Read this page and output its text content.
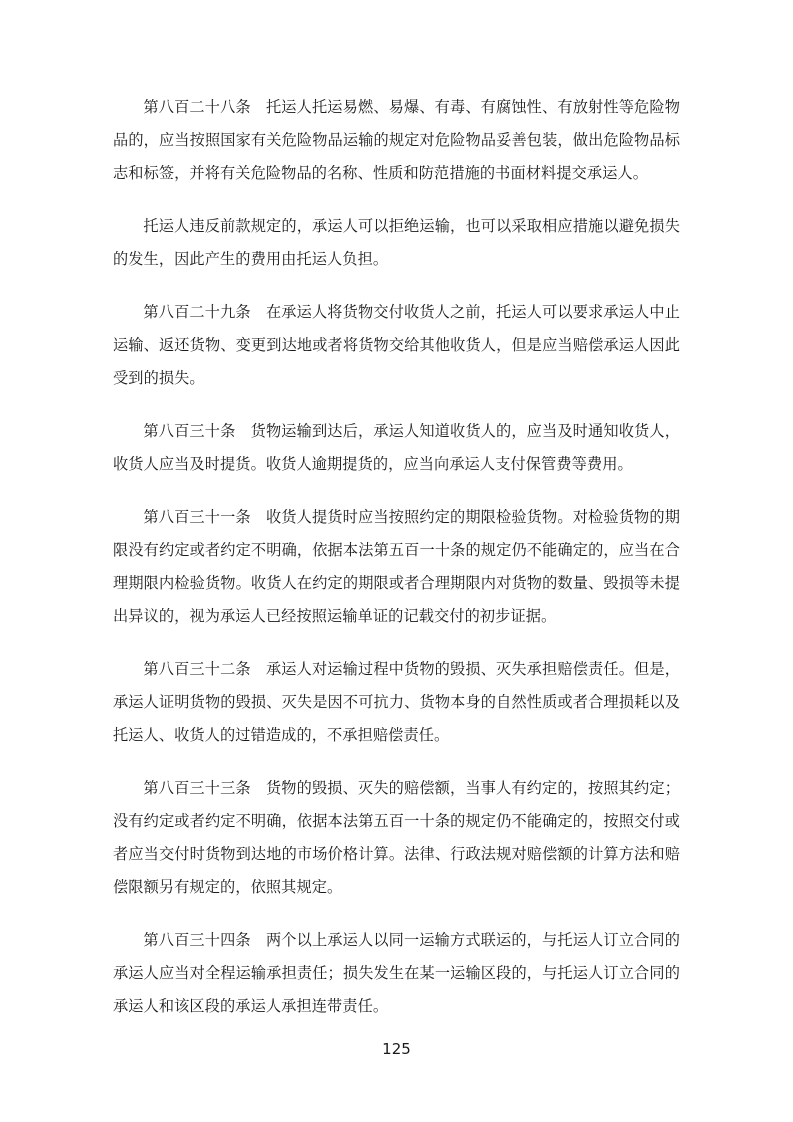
第八百二十八条 托运人托运易燃、易爆、有毒、有腐蚀性、有放射性等危险物品的，应当按照国家有关危险物品运输的规定对危险物品妥善包装，做出危险物品标志和标签，并将有关危险物品的名称、性质和防范措施的书面材料提交承运人。

托运人违反前款规定的，承运人可以拒绝运输，也可以采取相应措施以避免损失的发生，因此产生的费用由托运人负担。

第八百二十九条 在承运人将货物交付收货人之前，托运人可以要求承运人中止运输、返还货物、变更到达地或者将货物交给其他收货人，但是应当赔偿承运人因此受到的损失。

第八百三十条 货物运输到达后，承运人知道收货人的，应当及时通知收货人，收货人应当及时提货。收货人逾期提货的，应当向承运人支付保管费等费用。

第八百三十一条 收货人提货时应当按照约定的期限检验货物。对检验货物的期限没有约定或者约定不明确，依据本法第五百一十条的规定仍不能确定的，应当在合理期限内检验货物。收货人在约定的期限或者合理期限内对货物的数量、毁损等未提出异议的，视为承运人已经按照运输单证的记载交付的初步证据。

第八百三十二条 承运人对运输过程中货物的毁损、灭失承担赔偿责任。但是，承运人证明货物的毁损、灭失是因不可抗力、货物本身的自然性质或者合理损耗以及托运人、收货人的过错造成的，不承担赔偿责任。

第八百三十三条 货物的毁损、灭失的赔偿额，当事人有约定的，按照其约定；没有约定或者约定不明确，依据本法第五百一十条的规定仍不能确定的，按照交付或者应当交付时货物到达地的市场价格计算。法律、行政法规对赔偿额的计算方法和赔偿限额另有规定的，依照其规定。

第八百三十四条 两个以上承运人以同一运输方式联运的，与托运人订立合同的承运人应当对全程运输承担责任；损失发生在某一运输区段的，与托运人订立合同的承运人和该区段的承运人承担连带责任。

125
